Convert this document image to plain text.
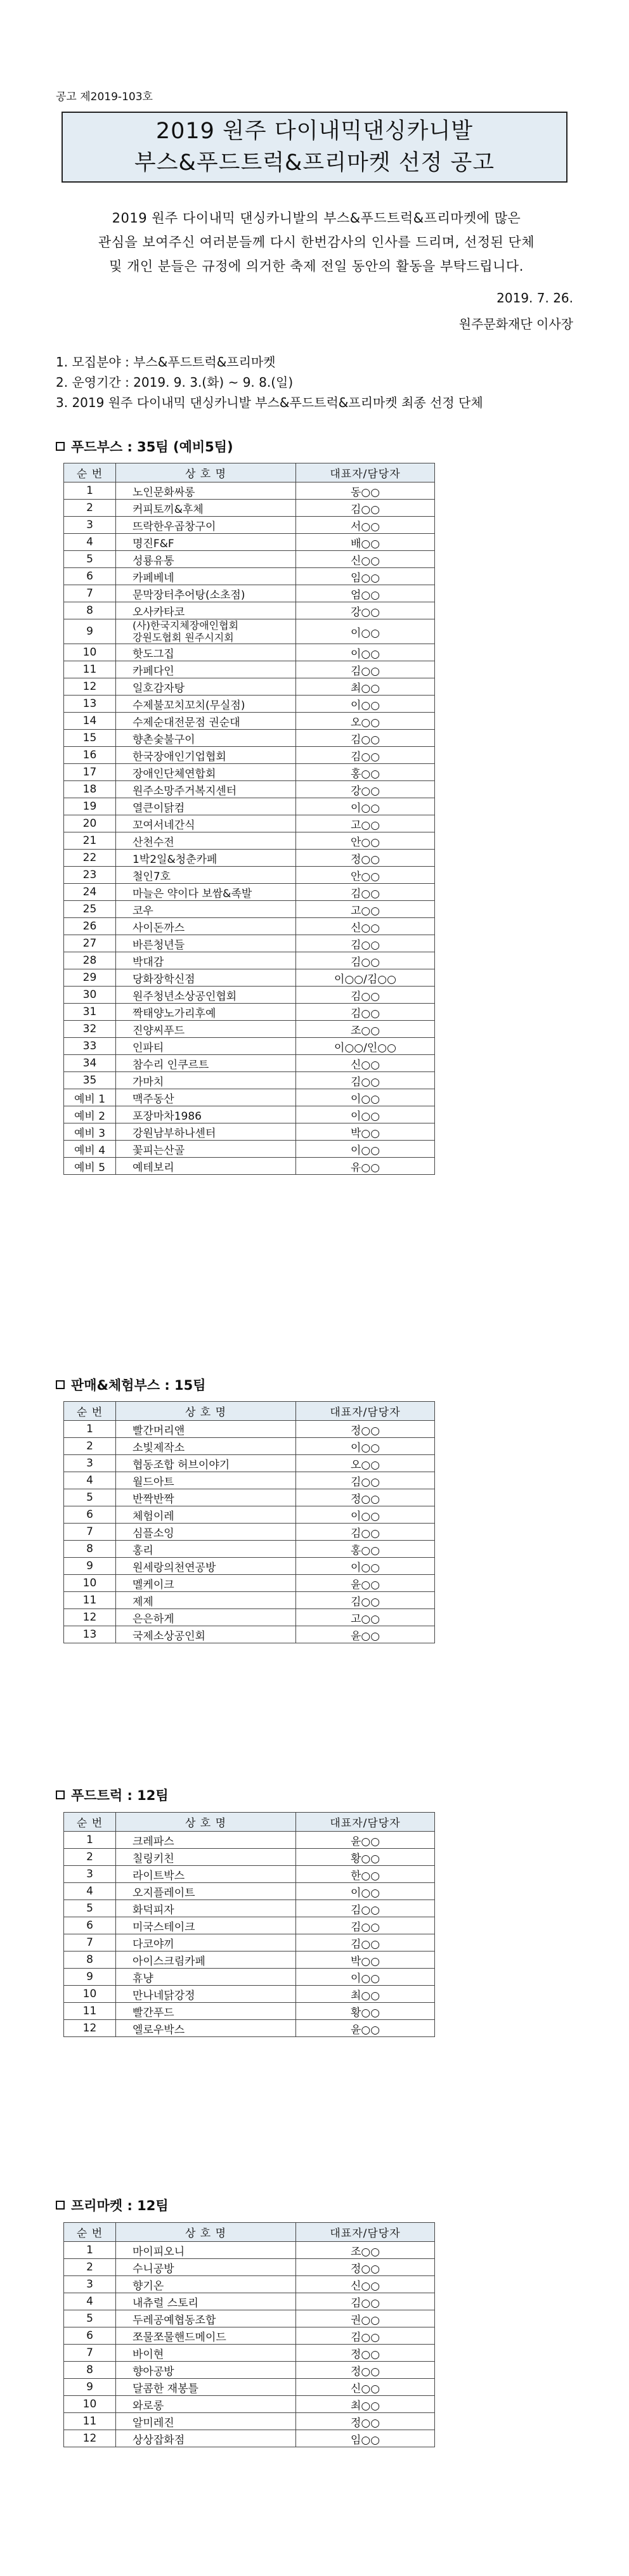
공고 제2019-103호
2019 원주 다이내믹댄싱카니발
부스&푸드트럭&프리마켓 선정 공고
2019 원주 다이내믹 댄싱카니발의 부스&푸드트럭&프리마켓에 많은
관심을 보여주신 여러분들께 다시 한번감사의 인사를 드리며, 선정된 단체
및 개인 분들은 규정에 의거한 축제 전일 동안의 활동을 부탁드립니다.
2019. 7. 26.
원주문화재단 이사장
1. 모집분야 : 부스&푸드트럭&프리마켓
2. 운영기간 : 2019. 9. 3.(화) ~ 9. 8.(일)
3. 2019 원주 다이내믹 댄싱카니발 부스&푸드트럭&프리마켓 최종 선정 단체
푸드부스 : 35팀 (예비5팀)
순 번	상 호 명	대표자/담당자
1	노인문화싸롱	동○○
2	커피토끼&후체	김○○
3	뜨락한우곱창구이	서○○
4	명진F&F	배○○
5	성룡유통	신○○
6	카페베네	임○○
7	문막장터추어탕(소초점)	엄○○
8	오사카타코	강○○
9	(사)한국지체장애인협회
강원도협회 원주시지회	이○○
10	핫도그집	이○○
11	카페다인	김○○
12	일호감자탕	최○○
13	수제불꼬치꼬치(무실점)	이○○
14	수제순대전문점 권순대	오○○
15	향촌숯불구이	김○○
16	한국장애인기업협회	김○○
17	장애인단체연합회	홍○○
18	원주소망주거복지센터	강○○
19	열큰이닭컴	이○○
20	꼬여서네간식	고○○
21	산천수전	안○○
22	1박2일&청춘카페	정○○
23	철인7호	안○○
24	마늘은 약이다 보쌈&족발	김○○
25	코우	고○○
26	사이돈까스	신○○
27	바른청년들	김○○
28	박대감	김○○
29	당화장학신점	이○○/김○○
30	원주청년소상공인협회	김○○
31	짝태양노가리후예	김○○
32	진양씨푸드	조○○
33	인파티	이○○/인○○
34	참수리 인쿠르트	신○○
35	가마치	김○○
예비 1	맥주동산	이○○
예비 2	포장마차1986	이○○
예비 3	강원남부하나센터	박○○
예비 4	꽃피는산골	이○○
예비 5	예테보리	유○○
판매&체험부스 : 15팀
순 번	상 호 명	대표자/담당자
1	빨간머리앤	정○○
2	소빛제작소	이○○
3	협동조합 허브이야기	오○○
4	월드아트	김○○
5	반짝반짝	정○○
6	체험이레	이○○
7	심플소잉	김○○
8	홍리	홍○○
9	원세랑의천연공방	이○○
10	멜케이크	윤○○
11	제제	김○○
12	은은하게	고○○
13	국제소상공인회	윤○○
푸드트럭 : 12팀
순 번	상 호 명	대표자/담당자
1	크레파스	윤○○
2	칠링키친	황○○
3	라이트박스	한○○
4	오지플레이트	이○○
5	화덕피자	김○○
6	미국스테이크	김○○
7	다코야끼	김○○
8	아이스크림카페	박○○
9	휴냥	이○○
10	만나네닭강정	최○○
11	빨간푸드	황○○
12	엘로우박스	윤○○
프리마켓 : 12팀
순 번	상 호 명	대표자/담당자
1	마이피오니	조○○
2	수니공방	정○○
3	향기온	신○○
4	내츄럴 스토리	김○○
5	두레공예협동조합	권○○
6	쪼물쪼물핸드메이드	김○○
7	바이현	정○○
8	향아공방	정○○
9	달콤한 재봉틀	신○○
10	와로롱	최○○
11	알미레진	정○○
12	상상잡화점	임○○
